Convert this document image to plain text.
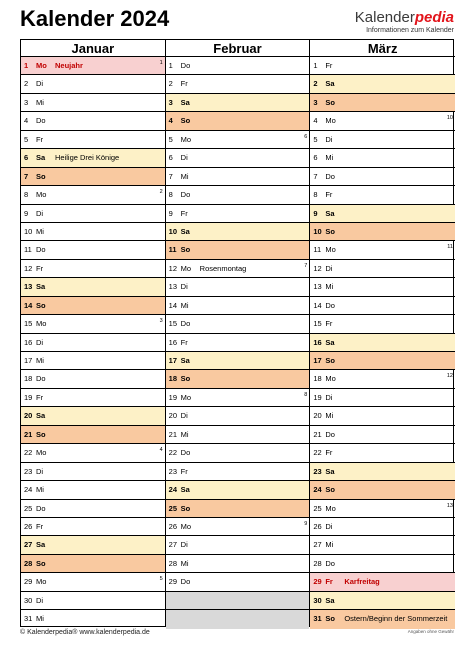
Kalender 2024	Kalenderpedia
Informationen zum Kalender
Januar
1	Mo Neujahr	1
2	Di
3	Mi
4	Do
5	Fr
6	Sa Heilige Drei Könige
7	So
8	Mo	2
9	Di
10 Mi
11 Do
12 Fr
13 Sa
14 So
15 Mo	3
16 Di
17 Mi
18 Do
19 Fr
20 Sa
21 So
22 Mo	4
23 Di
24 Mi
25 Do
26 Fr
27 Sa
28 So
29 Mo	5
30 Di
31 Mi
Februar
1	Do
2	Fr
3	Sa
4	So
5	Mo	6
6	Di
7	Mi
8	Do
9	Fr
10 Sa
11 So
12 Mo Rosenmontag	7
13 Di
14 Mi
15 Do
16 Fr
17 Sa
18 So
19 Mo	8
20 Di
21 Mi
22 Do
23 Fr
24 Sa
25 So
26 Mo	9
27 Di
28 Mi
29 Do
März
1	Fr
2	Sa
3	So
4	Mo	10
5	Di
6	Mi
7	Do
8	Fr
9	Sa
10 So
11 Mo	11
12 Di
13 Mi
14 Do
15 Fr
16 Sa
17 So
18 Mo	12
19 Di
20 Mi
21 Do
22 Fr
23 Sa
24 So
25 Mo	13
26 Di
27 Mi
28 Do
29 Fr Karfreitag
30 Sa
31 So Ostern/Beginn der Sommerzeit
© Kalenderpedia® www.kalenderpedia.de	Angaben ohne Gewähr
